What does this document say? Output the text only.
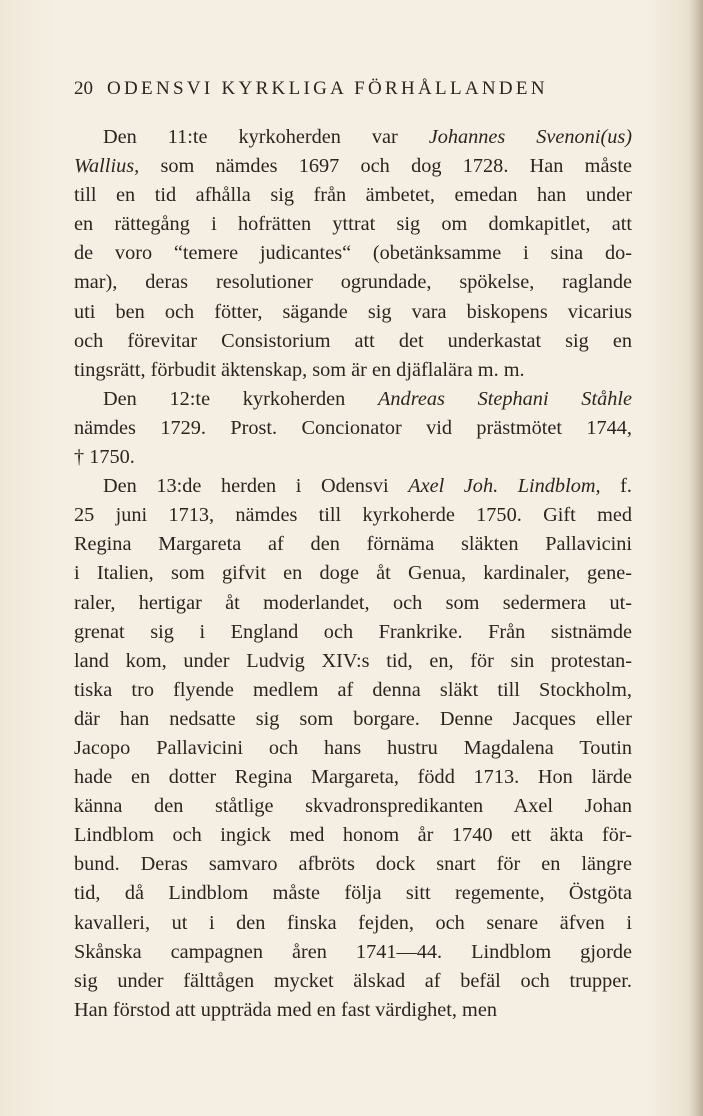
20 ODENSVI KYRKLIGA FÖRHÅLLANDEN
Den 11:te kyrkoherden var Johannes Svenoni(us)
Wallius, som nämdes 1697 och dog 1728. Han måste
till en tid afhålla sig från ämbetet, emedan han under
en rättegång i hofrätten yttrat sig om domkapitlet, att
de voro “temere judicantes“ (obetänksamme i sina do-
mar), deras resolutioner ogrundade, spökelse, raglande
uti ben och fötter, sägande sig vara biskopens vicarius
och förevitar Consistorium att det underkastat sig en
tingsrätt, förbudit äktenskap, som är en djäflalära m. m.
Den 12:te kyrkoherden Andreas Stephani Ståhle
nämdes 1729. Prost. Concionator vid prästmötet 1744,
† 1750.
Den 13:de herden i Odensvi Axel Joh. Lindblom, f.
25 juni 1713, nämdes till kyrkoherde 1750. Gift med
Regina Margareta af den förnäma släkten Pallavicini
i Italien, som gifvit en doge åt Genua, kardinaler, gene-
raler, hertigar åt moderlandet, och som sedermera ut-
grenat sig i England och Frankrike. Från sistnämde
land kom, under Ludvig XIV:s tid, en, för sin protestan-
tiska tro flyende medlem af denna släkt till Stockholm,
där han nedsatte sig som borgare. Denne Jacques eller
Jacopo Pallavicini och hans hustru Magdalena Toutin
hade en dotter Regina Margareta, född 1713. Hon lärde
känna den ståtlige skvadronspredikanten Axel Johan
Lindblom och ingick med honom år 1740 ett äkta för-
bund. Deras samvaro afbröts dock snart för en längre
tid, då Lindblom måste följa sitt regemente, Östgöta
kavalleri, ut i den finska fejden, och senare äfven i
Skånska campagnen åren 1741—44. Lindblom gjorde
sig under fälttågen mycket älskad af befäl och trupper.
Han förstod att uppträda med en fast värdighet, men
